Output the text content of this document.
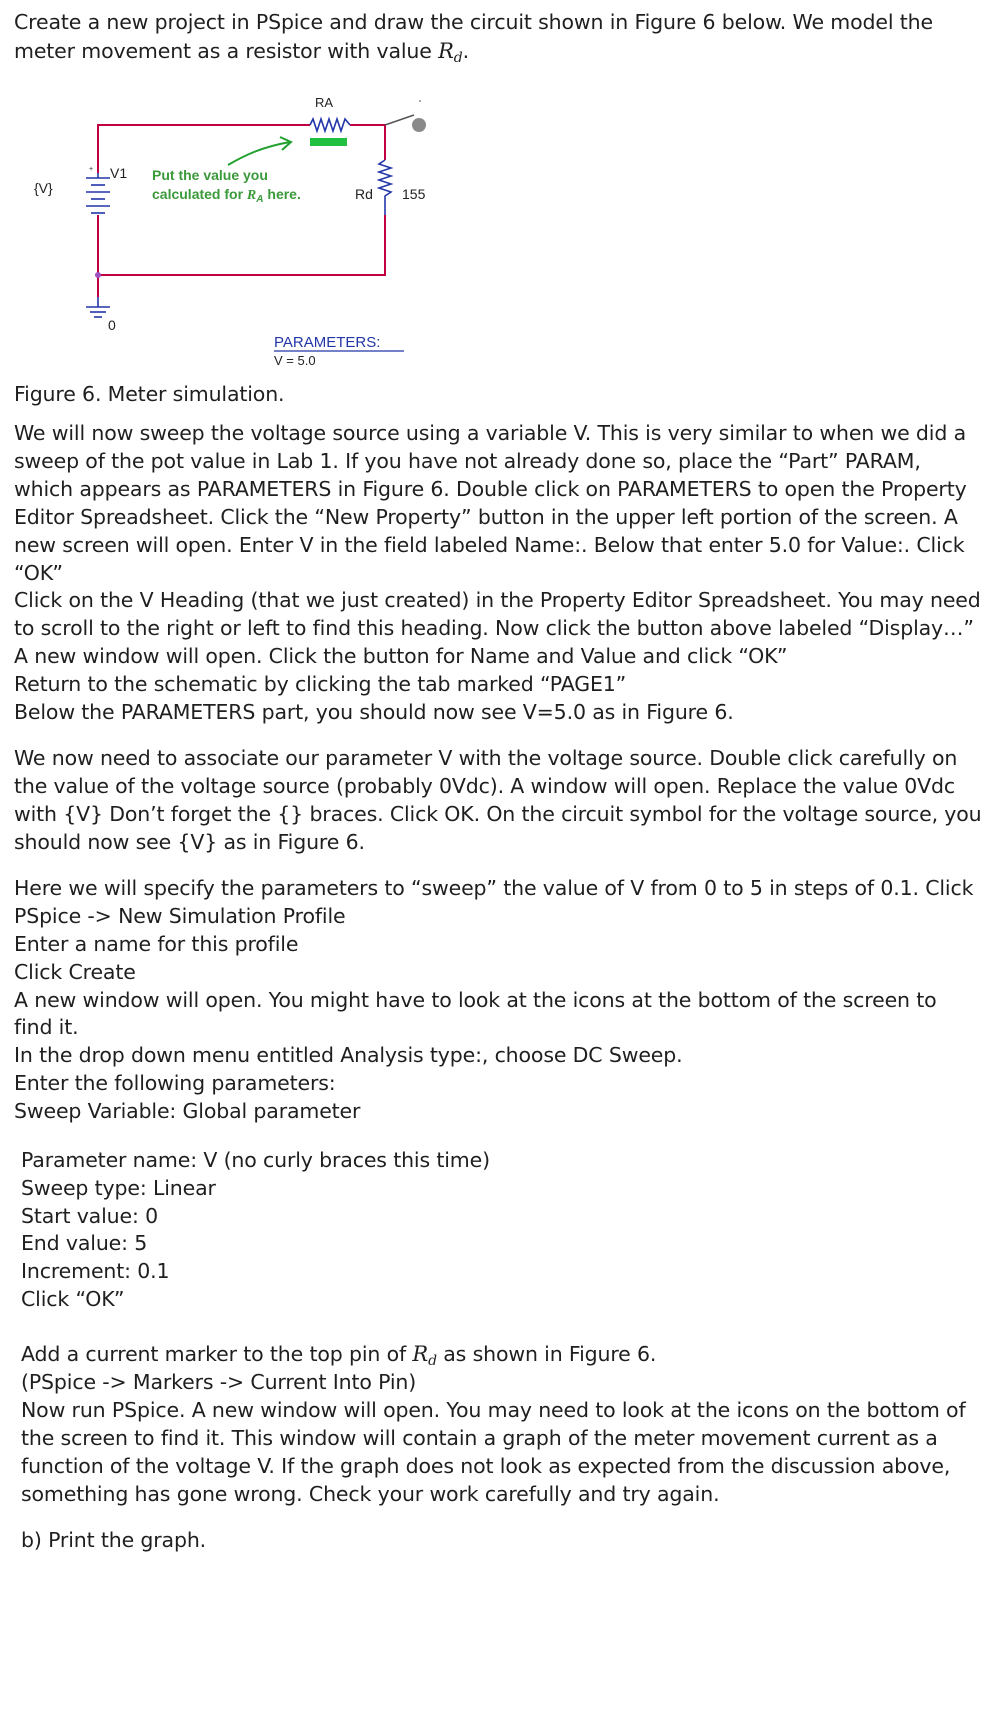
Create a new project in PSpice and draw the circuit shown in Figure 6 below. We model the

meter movement as a resistor with value $R_d$.

RA
Put the value you
calculated for $R_A$ here.
+ V1
{V}	Rd 155
0
PARAMETERS:
V = 5.0

Figure 6. Meter simulation.

We will now sweep the voltage source using a variable V. This is very similar to when we did a

sweep of the pot value in Lab 1. If you have not already done so, place the “Part” PARAM,

which appears as PARAMETERS in Figure 6. Double click on PARAMETERS to open the Property

Editor Spreadsheet. Click the “New Property” button in the upper left portion of the screen. A

new screen will open. Enter V in the field labeled Name:. Below that enter 5.0 for Value:. Click

“OK”

Click on the V Heading (that we just created) in the Property Editor Spreadsheet. You may need

to scroll to the right or left to find this heading. Now click the button above labeled “Display…”

A new window will open. Click the button for Name and Value and click “OK”

Return to the schematic by clicking the tab marked “PAGE1”

Below the PARAMETERS part, you should now see V=5.0 as in Figure 6.

We now need to associate our parameter V with the voltage source. Double click carefully on

the value of the voltage source (probably 0Vdc). A window will open. Replace the value 0Vdc

with {V} Don’t forget the {} braces. Click OK. On the circuit symbol for the voltage source, you

should now see {V} as in Figure 6.

Here we will specify the parameters to “sweep” the value of V from 0 to 5 in steps of 0.1. Click

PSpice -> New Simulation Profile

Enter a name for this profile

Click Create

A new window will open. You might have to look at the icons at the bottom of the screen to

find it.

In the drop down menu entitled Analysis type:, choose DC Sweep.

Enter the following parameters:

Sweep Variable: Global parameter

Parameter name: V (no curly braces this time)

Sweep type: Linear

Start value: 0

End value: 5

Increment: 0.1

Click “OK”

Add a current marker to the top pin of $R_d$ as shown in Figure 6.

(PSpice -> Markers -> Current Into Pin)

Now run PSpice. A new window will open. You may need to look at the icons on the bottom of

the screen to find it. This window will contain a graph of the meter movement current as a

function of the voltage V. If the graph does not look as expected from the discussion above,

something has gone wrong. Check your work carefully and try again.

b) Print the graph.
